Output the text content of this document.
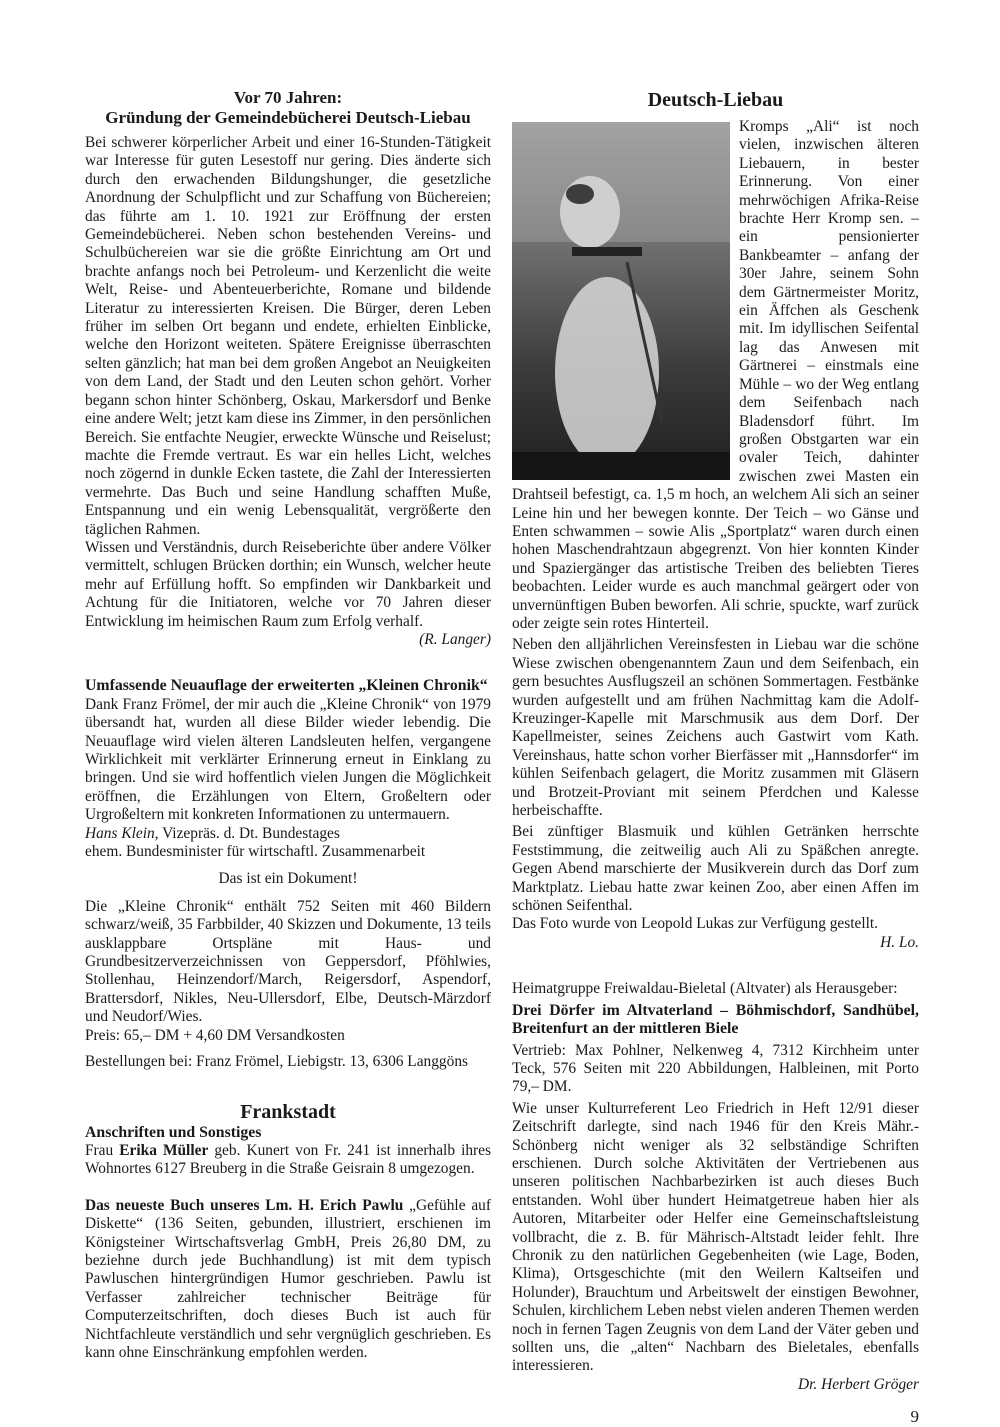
Vor 70 Jahren:
Gründung der Gemeindebücherei Deutsch-Liebau

Bei schwerer körperlicher Arbeit und einer 16-Stunden-Tätigkeit war Interesse für guten Lesestoff nur gering. Dies änderte sich durch den erwachenden Bildungshunger, die gesetzliche Anordnung der Schulpflicht und zur Schaffung von Büchereien; das führte am 1. 10. 1921 zur Eröffnung der ersten Gemeindebücherei. Neben schon bestehenden Vereins- und Schulbüchereien war sie die größte Einrichtung am Ort und brachte anfangs noch bei Petroleum- und Kerzenlicht die weite Welt, Reise- und Abenteuerberichte, Romane und bildende Literatur zu interessierten Kreisen. Die Bürger, deren Leben früher im selben Ort begann und endete, erhielten Einblicke, welche den Horizont weiteten. Spätere Ereignisse überraschten selten gänzlich; hat man bei dem großen Angebot an Neuigkeiten von dem Land, der Stadt und den Leuten schon gehört. Vorher begann schon hinter Schönberg, Oskau, Markersdorf und Benke eine andere Welt; jetzt kam diese ins Zimmer, in den persönlichen Bereich. Sie entfachte Neugier, erweckte Wünsche und Reiselust; machte die Fremde vertraut. Es war ein helles Licht, welches noch zögernd in dunkle Ecken tastete, die Zahl der Interessierten vermehrte. Das Buch und seine Handlung schafften Muße, Entspannung und ein wenig Lebensqualität, vergrößerte den täglichen Rahmen.

Wissen und Verständnis, durch Reiseberichte über andere Völker vermittelt, schlugen Brücken dorthin; ein Wunsch, welcher heute mehr auf Erfüllung hofft. So empfinden wir Dankbarkeit und Achtung für die Initiatoren, welche vor 70 Jahren dieser Entwicklung im heimischen Raum zum Erfolg verhalf.

(R. Langer)

Umfassende Neuauflage der erweiterten „Kleinen Chronik“

Dank Franz Frömel, der mir auch die „Kleine Chronik“ von 1979 übersandt hat, wurden all diese Bilder wieder lebendig. Die Neuauflage wird vielen älteren Landsleuten helfen, vergangene Wirklichkeit mit verklärter Erinnerung erneut in Einklang zu bringen. Und sie wird hoffentlich vielen Jungen die Möglichkeit eröffnen, die Erzählungen von Eltern, Großeltern oder Urgroßeltern mit konkreten Informationen zu untermauern.

Hans Klein, Vizepräs. d. Dt. Bundestages

ehem. Bundesminister für wirtschaftl. Zusammenarbeit

Das ist ein Dokument!

Die „Kleine Chronik“ enthält 752 Seiten mit 460 Bildern schwarz/weiß, 35 Farbbilder, 40 Skizzen und Dokumente, 13 teils ausklappbare Ortspläne mit Haus- und Grundbesitzerverzeichnissen von Geppersdorf, Pföhlwies, Stollenhau, Heinzendorf/March, Reigersdorf, Aspendorf, Brattersdorf, Nikles, Neu-Ullersdorf, Elbe, Deutsch-Märzdorf und Neudorf/Wies.

Preis: 65,– DM + 4,60 DM Versandkosten

Bestellungen bei: Franz Frömel, Liebigstr. 13, 6306 Langgöns

Frankstadt

Anschriften und Sonstiges

Frau Erika Müller geb. Kunert von Fr. 241 ist innerhalb ihres Wohnortes 6127 Breuberg in die Straße Geisrain 8 umgezogen.

Das neueste Buch unseres Lm. H. Erich Pawlu „Gefühle auf Diskette“ (136 Seiten, gebunden, illustriert, erschienen im Königsteiner Wirtschaftsverlag GmbH, Preis 26,80 DM, zu beziehne durch jede Buchhandlung) ist mit dem typisch Pawluschen hintergründigen Humor geschrieben. Pawlu ist Verfasser zahlreicher technischer Beiträge für Computerzeitschriften, doch dieses Buch ist auch für Nichtfachleute verständlich und sehr vergnüglich geschrieben. Es kann ohne Einschränkung empfohlen werden.

Deutsch-Liebau

Kromps „Ali“ ist noch vielen, inzwischen älteren Liebauern, in bester Erinnerung. Von einer mehrwöchigen Afrika-Reise brachte Herr Kromp sen. – ein pensionierter Bankbeamter – anfang der 30er Jahre, seinem Sohn dem Gärtnermeister Moritz, ein Äffchen als Geschenk mit. Im idyllischen Seifental lag das Anwesen mit Gärtnerei – einstmals eine Mühle – wo der Weg entlang dem Seifenbach nach Bladensdorf führt. Im großen Obstgarten war ein ovaler Teich, dahinter zwischen zwei Masten ein Drahtseil befestigt, ca. 1,5 m hoch, an welchem Ali sich an seiner Leine hin und her bewegen konnte. Der Teich – wo Gänse und Enten schwammen – sowie Alis „Sportplatz“ waren durch einen hohen Maschendrahtzaun abgegrenzt. Von hier konnten Kinder und Spaziergänger das artistische Treiben des beliebten Tieres beobachten. Leider wurde es auch manchmal geärgert oder von unvernünftigen Buben beworfen. Ali schrie, spuckte, warf zurück oder zeigte sein rotes Hinterteil.

Neben den alljährlichen Vereinsfesten in Liebau war die schöne Wiese zwischen obengenanntem Zaun und dem Seifenbach, ein gern besuchtes Ausflugszeil an schönen Sommertagen. Festbänke wurden aufgestellt und am frühen Nachmittag kam die Adolf-Kreuzinger-Kapelle mit Marschmusik aus dem Dorf. Der Kapellmeister, seines Zeichens auch Gastwirt vom Kath. Vereinshaus, hatte schon vorher Bierfässer mit „Hannsdorfer“ im kühlen Seifenbach gelagert, die Moritz zusammen mit Gläsern und Brotzeit-Proviant mit seinem Pferdchen und Kalesse herbeischaffte.

Bei zünftiger Blasmuik und kühlen Getränken herrschte Feststimmung, die zeitweilig auch Ali zu Späßchen anregte. Gegen Abend marschierte der Musikverein durch das Dorf zum Marktplatz. Liebau hatte zwar keinen Zoo, aber einen Affen im schönen Seifenthal.

Das Foto wurde von Leopold Lukas zur Verfügung gestellt.

H. Lo.

Heimatgruppe Freiwaldau-Bieletal (Altvater) als Herausgeber:

Drei Dörfer im Altvaterland – Böhmischdorf, Sandhübel, Breitenfurt an der mittleren Biele

Vertrieb: Max Pohlner, Nelkenweg 4, 7312 Kirchheim unter Teck, 576 Seiten mit 220 Abbildungen, Halbleinen, mit Porto 79,– DM.

Wie unser Kulturreferent Leo Friedrich in Heft 12/91 dieser Zeitschrift darlegte, sind nach 1946 für den Kreis Mähr.-Schönberg nicht weniger als 32 selbständige Schriften erschienen. Durch solche Aktivitäten der Vertriebenen aus unseren politischen Nachbarbezirken ist auch dieses Buch entstanden. Wohl über hundert Heimatgetreue haben hier als Autoren, Mitarbeiter oder Helfer eine Gemeinschaftsleistung vollbracht, die z. B. für Mährisch-Altstadt leider fehlt. Ihre Chronik zu den natürlichen Gegebenheiten (wie Lage, Boden, Klima), Ortsgeschichte (mit den Weilern Kaltseifen und Holunder), Brauchtum und Arbeitswelt der einstigen Bewohner, Schulen, kirchlichem Leben nebst vielen anderen Themen werden noch in fernen Tagen Zeugnis von dem Land der Väter geben und sollten uns, die „alten“ Nachbarn des Bieletales, ebenfalls interessieren.

Dr. Herbert Gröger

9
